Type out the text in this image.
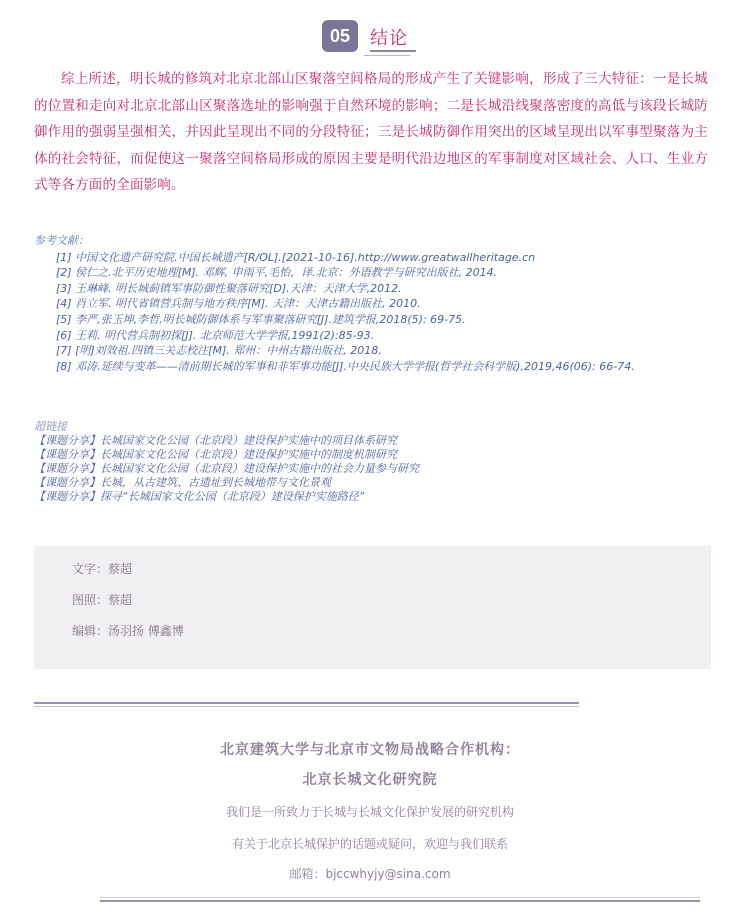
05	结论

综上所述，明长城的修筑对北京北部山区聚落空间格局的形成产生了关键影响，形成了三大特征：一是长城的位置和走向对北京北部山区聚落选址的影响强于自然环境的影响；二是长城沿线聚落密度的高低与该段长城防御作用的强弱呈强相关，并因此呈现出不同的分段特征；三是长城防御作用突出的区域呈现出以军事型聚落为主体的社会特征，而促使这一聚落空间格局形成的原因主要是明代沿边地区的军事制度对区域社会、人口、生业方式等各方面的全面影响。

参考文献：
[1] 中国文化遗产研究院.中国长城遗产[R/OL].[2021-10-16].http://www.greatwallheritage.cn
[2] 侯仁之.北平历史地理[M]. 邓辉, 申雨平,毛怡，译.北京：外语教学与研究出版社, 2014.
[3] 王琳峰. 明长城蓟镇军事防御性聚落研究[D].天津：天津大学,2012.
[4] 肖立军. 明代省镇营兵制与地方秩序[M]. 天津：天津古籍出版社, 2010.
[5] 李严,张玉坤,李哲.明长城防御体系与军事聚落研究[J].建筑学报,2018(5): 69-75.
[6] 王莉. 明代营兵制初探[J]. 北京师范大学学报,1991(2):85-93.
[7] [明]刘效祖.四镇三关志校注[M]. 郑州：中州古籍出版社, 2018.
[8] 邓涛.延续与变革——清前期长城的军事和非军事功能[J].中央民族大学学报(哲学社会科学版),2019,46(06): 66-74.
超链接
【课题分享】长城国家文化公园（北京段）建设保护实施中的项目体系研究
【课题分享】长城国家文化公园（北京段）建设保护实施中的制度机制研究
【课题分享】长城国家文化公园（北京段）建设保护实施中的社会力量参与研究
【课题分享】长城，从古建筑、古遗址到长城地带与文化景观
【课题分享】探寻“长城国家文化公园（北京段）建设保护实施路径”
文字：蔡超
图照：蔡超
编辑：汤羽扬 傅鑫博
北京建筑大学与北京市文物局战略合作机构：
北京长城文化研究院
我们是一所致力于长城与长城文化保护发展的研究机构
有关于北京长城保护的话题或疑问，欢迎与我们联系
邮箱：bjccwhyjy@sina.com
